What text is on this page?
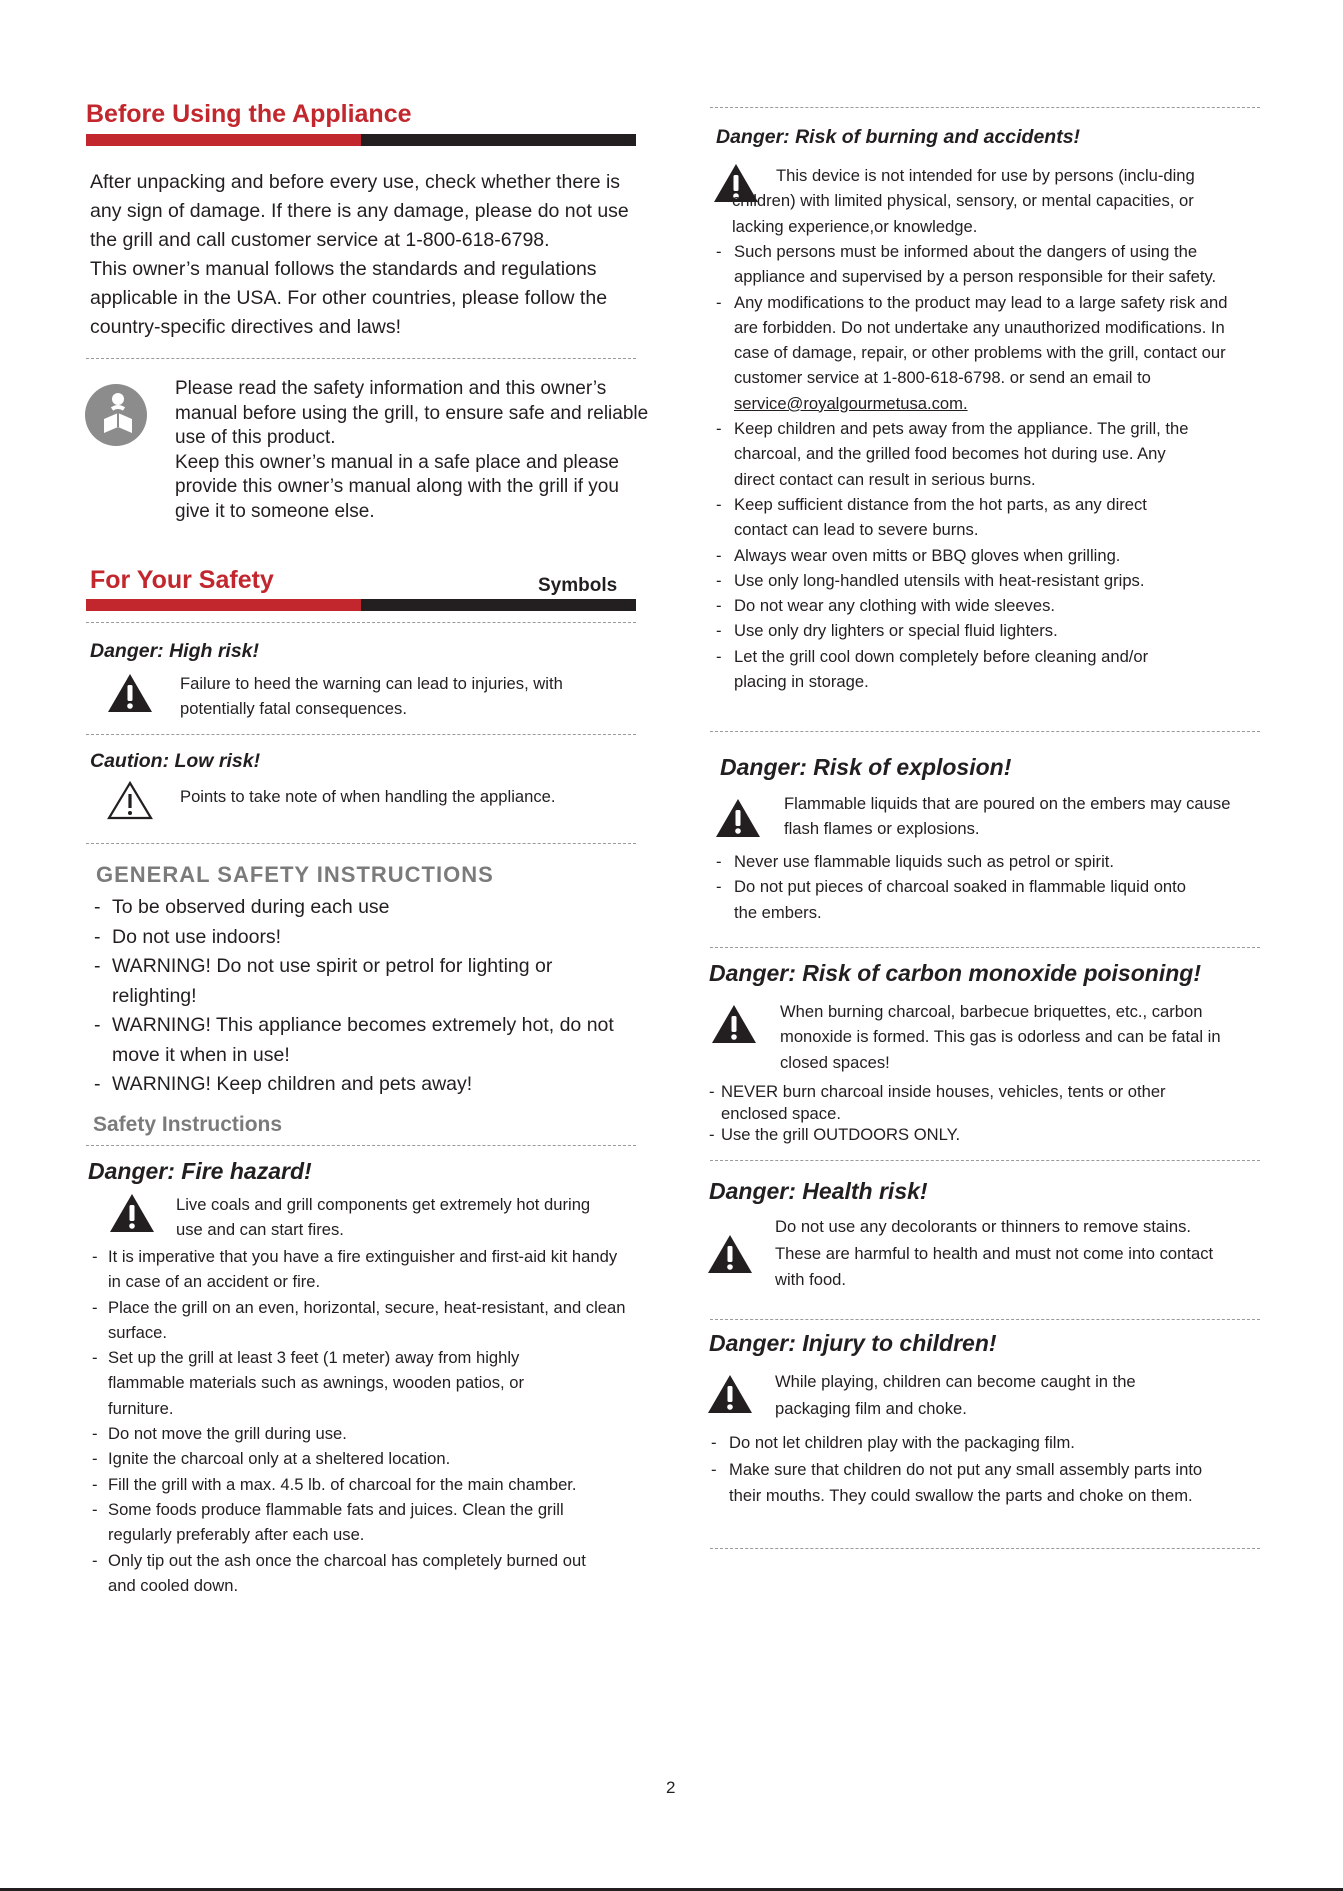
Before Using the Appliance

After unpacking and before every use, check whether there is any sign of damage. If there is any damage, please do not use the grill and call customer service at 1-800-618-6798.

This owner’s manual follows the standards and regulations applicable in the USA. For other countries, please follow the country-specific directives and laws!

Please read the safety information and this owner’s manual before using the grill, to ensure safe and reliable use of this product.

Keep this owner’s manual in a safe place and please provide this owner’s manual along with the grill if you give it to someone else.

For Your Safety	Symbols
Danger: High risk!
Failure to heed the warning can lead to injuries, with potentially fatal consequences.
Caution: Low risk!
Points to take note of when handling the appliance.
GENERAL SAFETY INSTRUCTIONS
- To be observed during each use
- Do not use indoors!
- WARNING! Do not use spirit or petrol for lighting or relighting!
- WARNING! This appliance becomes extremely hot, do not move it when in use!
- WARNING! Keep children and pets away!
Safety Instructions
Danger: Fire hazard!
Live coals and grill components get extremely hot during use and can start fires.
- It is imperative that you have a fire extinguisher and first-aid kit handy in case of an accident or fire.
- Place the grill on an even, horizontal, secure, heat-resistant, and clean surface.
- Set up the grill at least 3 feet (1 meter) away from highly flammable materials such as awnings, wooden patios, or furniture.
- Do not move the grill during use.
- Ignite the charcoal only at a sheltered location.
- Fill the grill with a max. 4.5 lb. of charcoal for the main chamber.
- Some foods produce flammable fats and juices. Clean the grill regularly preferably after each use.
- Only tip out the ash once the charcoal has completely burned out and cooled down.
Danger: Risk of burning and accidents!
This device is not intended for use by persons (inclu-ding children) with limited physical, sensory, or mental capacities, or lacking experience,or knowledge.
- Such persons must be informed about the dangers of using the appliance and supervised by a person responsible for their safety.
- Any modifications to the product may lead to a large safety risk and are forbidden. Do not undertake any unauthorized modifications. In case of damage, repair, or other problems with the grill, contact our customer service at 1-800-618-6798. or send an email to service@royalgourmetusa.com.
- Keep children and pets away from the appliance. The grill, the charcoal, and the grilled food becomes hot during use. Any direct contact can result in serious burns.
- Keep sufficient distance from the hot parts, as any direct contact can lead to severe burns.
- Always wear oven mitts or BBQ gloves when grilling.
- Use only long-handled utensils with heat-resistant grips.
- Do not wear any clothing with wide sleeves.
- Use only dry lighters or special fluid lighters.
- Let the grill cool down completely before cleaning and/or placing in storage.
Danger: Risk of explosion!
Flammable liquids that are poured on the embers may cause flash flames or explosions.
- Never use flammable liquids such as petrol or spirit.
- Do not put pieces of charcoal soaked in flammable liquid onto the embers.
Danger: Risk of carbon monoxide poisoning!
When burning charcoal, barbecue briquettes, etc., carbon monoxide is formed. This gas is odorless and can be fatal in closed spaces!
- NEVER burn charcoal inside houses, vehicles, tents or other enclosed space.
- Use the grill OUTDOORS ONLY.
Danger: Health risk!
Do not use any decolorants or thinners to remove stains. These are harmful to health and must not come into contact with food.
Danger: Injury to children!
While playing, children can become caught in the packaging film and choke.
- Do not let children play with the packaging film.
- Make sure that children do not put any small assembly parts into their mouths. They could swallow the parts and choke on them.
2
